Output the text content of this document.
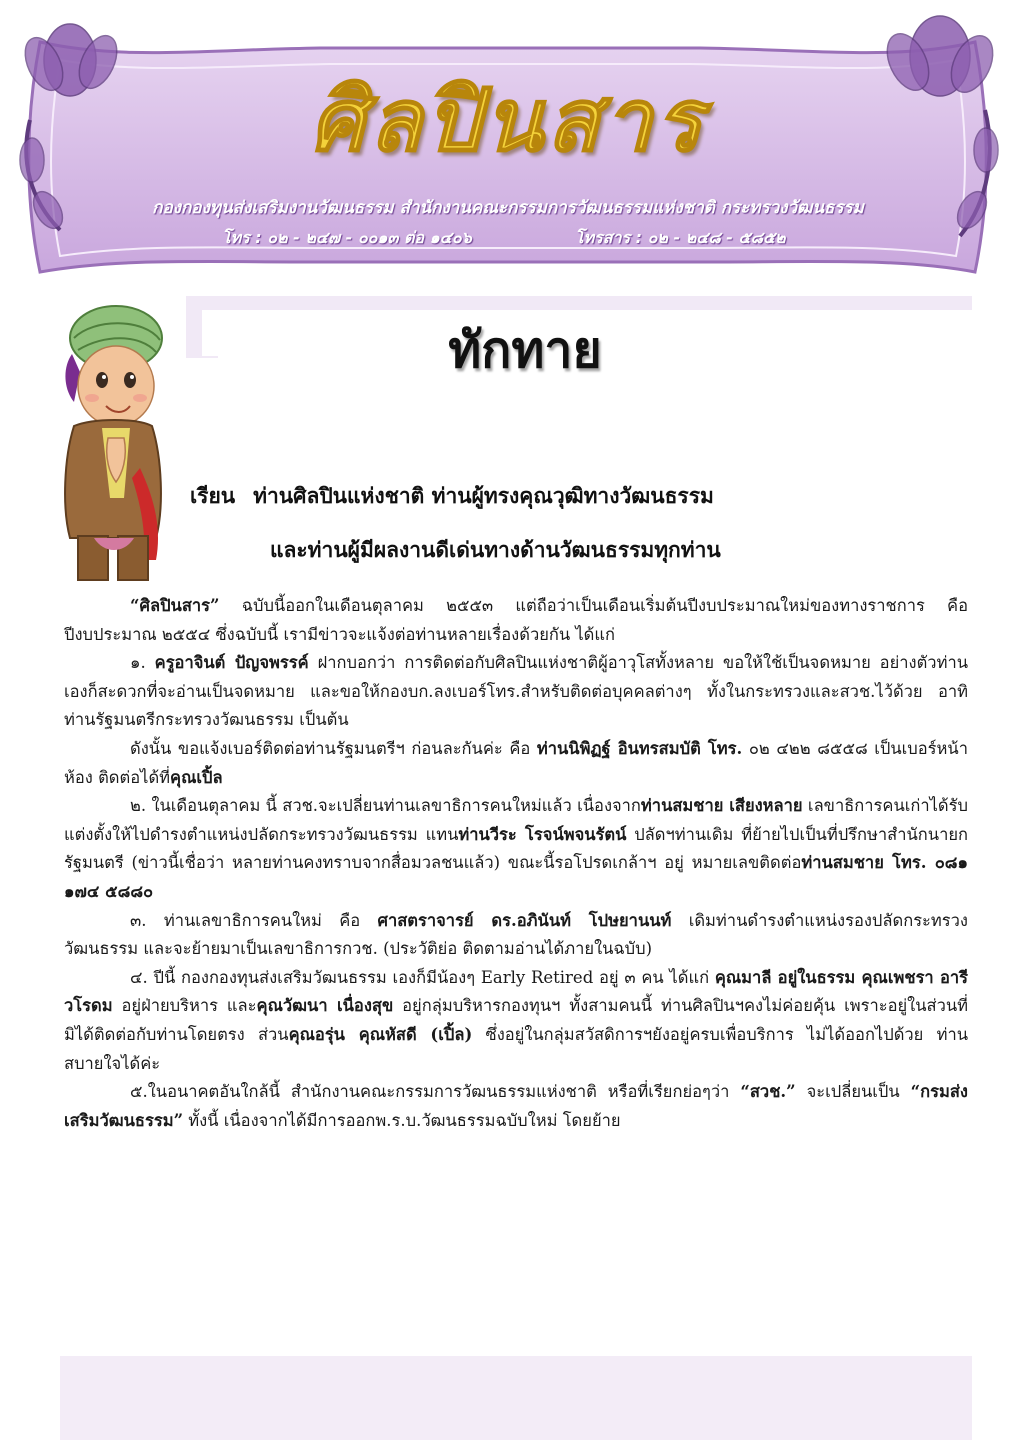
ศิลปินสาร
กองกองทุนส่งเสริมงานวัฒนธรรม สำนักงานคณะกรรมการวัฒนธรรมแห่งชาติ กระทรวงวัฒนธรรม
โทร : ๐๒ - ๒๔๗ - ๐๐๑๓ ต่อ ๑๔๐๖	โทรสาร : ๐๒ - ๒๔๘ - ๕๘๕๒
ทักทาย
เรียน ท่านศิลปินแห่งชาติ ท่านผู้ทรงคุณวุฒิทางวัฒนธรรม
และท่านผู้มีผลงานดีเด่นทางด้านวัฒนธรรมทุกท่าน

“ศิลปินสาร” ฉบับนี้ออกในเดือนตุลาคม ๒๕๕๓ แต่ถือว่าเป็นเดือนเริ่มต้นปีงบประมาณใหม่ของทางราชการ คือ ปีงบประมาณ ๒๕๕๔ ซึ่งฉบับนี้ เรามีข่าวจะแจ้งต่อท่านหลายเรื่องด้วยกัน ได้แก่

๑. ครูอาจินต์ ปัญจพรรค์ ฝากบอกว่า การติดต่อกับศิลปินแห่งชาติผู้อาวุโสทั้งหลาย ขอให้ใช้เป็นจดหมาย อย่างตัวท่านเองก็สะดวกที่จะอ่านเป็นจดหมาย และขอให้กองบก.ลงเบอร์โทร.สำหรับติดต่อบุคคลต่างๆ ทั้งในกระทรวงและสวช.ไว้ด้วย อาทิ ท่านรัฐมนตรีกระทรวงวัฒนธรรม เป็นต้น

ดังนั้น ขอแจ้งเบอร์ติดต่อท่านรัฐมนตรีฯ ก่อนละกันค่ะ คือ ท่านนิพิฏฐ์ อินทรสมบัติ โทร. ๐๒ ๔๒๒ ๘๕๕๘ เป็นเบอร์หน้าห้อง ติดต่อได้ที่คุณเปิ้ล

๒. ในเดือนตุลาคม นี้ สวช.จะเปลี่ยนท่านเลขาธิการคนใหม่แล้ว เนื่องจากท่านสมชาย เสียงหลาย เลขาธิการคนเก่าได้รับแต่งตั้งให้ไปดำรงตำแหน่งปลัดกระทรวงวัฒนธรรม แทนท่านวีระ โรจน์พจนรัตน์ ปลัดฯท่านเดิม ที่ย้ายไปเป็นที่ปรึกษาสำนักนายกรัฐมนตรี (ข่าวนี้เชื่อว่า หลายท่านคงทราบจากสื่อมวลชนแล้ว) ขณะนี้รอโปรดเกล้าฯ อยู่ หมายเลขติดต่อท่านสมชาย โทร. ๐๘๑ ๑๗๔ ๕๘๘๐

๓. ท่านเลขาธิการคนใหม่ คือ ศาสตราจารย์ ดร.อภินันท์ โปษยานนท์ เดิมท่านดำรงตำแหน่งรองปลัดกระทรวงวัฒนธรรม และจะย้ายมาเป็นเลขาธิการกวช. (ประวัติย่อ ติดตามอ่านได้ภายในฉบับ)

๔. ปีนี้ กองกองทุนส่งเสริมวัฒนธรรม เองก็มีน้องๆ Early Retired อยู่ ๓ คน ได้แก่ คุณมาลี อยู่ในธรรม คุณเพชรา อารีวโรดม อยู่ฝ่ายบริหาร และคุณวัฒนา เนื่องสุข อยู่กลุ่มบริหารกองทุนฯ ทั้งสามคนนี้ ท่านศิลปินฯคงไม่ค่อยคุ้น เพราะอยู่ในส่วนที่มิได้ติดต่อกับท่านโดยตรง ส่วนคุณอรุ่น คุณหัสดี (เปิ้ล) ซึ่งอยู่ในกลุ่มสวัสดิการฯยังอยู่ครบเพื่อบริการ ไม่ได้ออกไปด้วย ท่านสบายใจได้ค่ะ

๕.ในอนาคตอันใกล้นี้ สำนักงานคณะกรรมการวัฒนธรรมแห่งชาติ หรือที่เรียกย่อๆว่า “สวช.” จะเปลี่ยนเป็น “กรมส่งเสริมวัฒนธรรม” ทั้งนี้ เนื่องจากได้มีการออกพ.ร.บ.วัฒนธรรมฉบับใหม่ โดยย้าย
